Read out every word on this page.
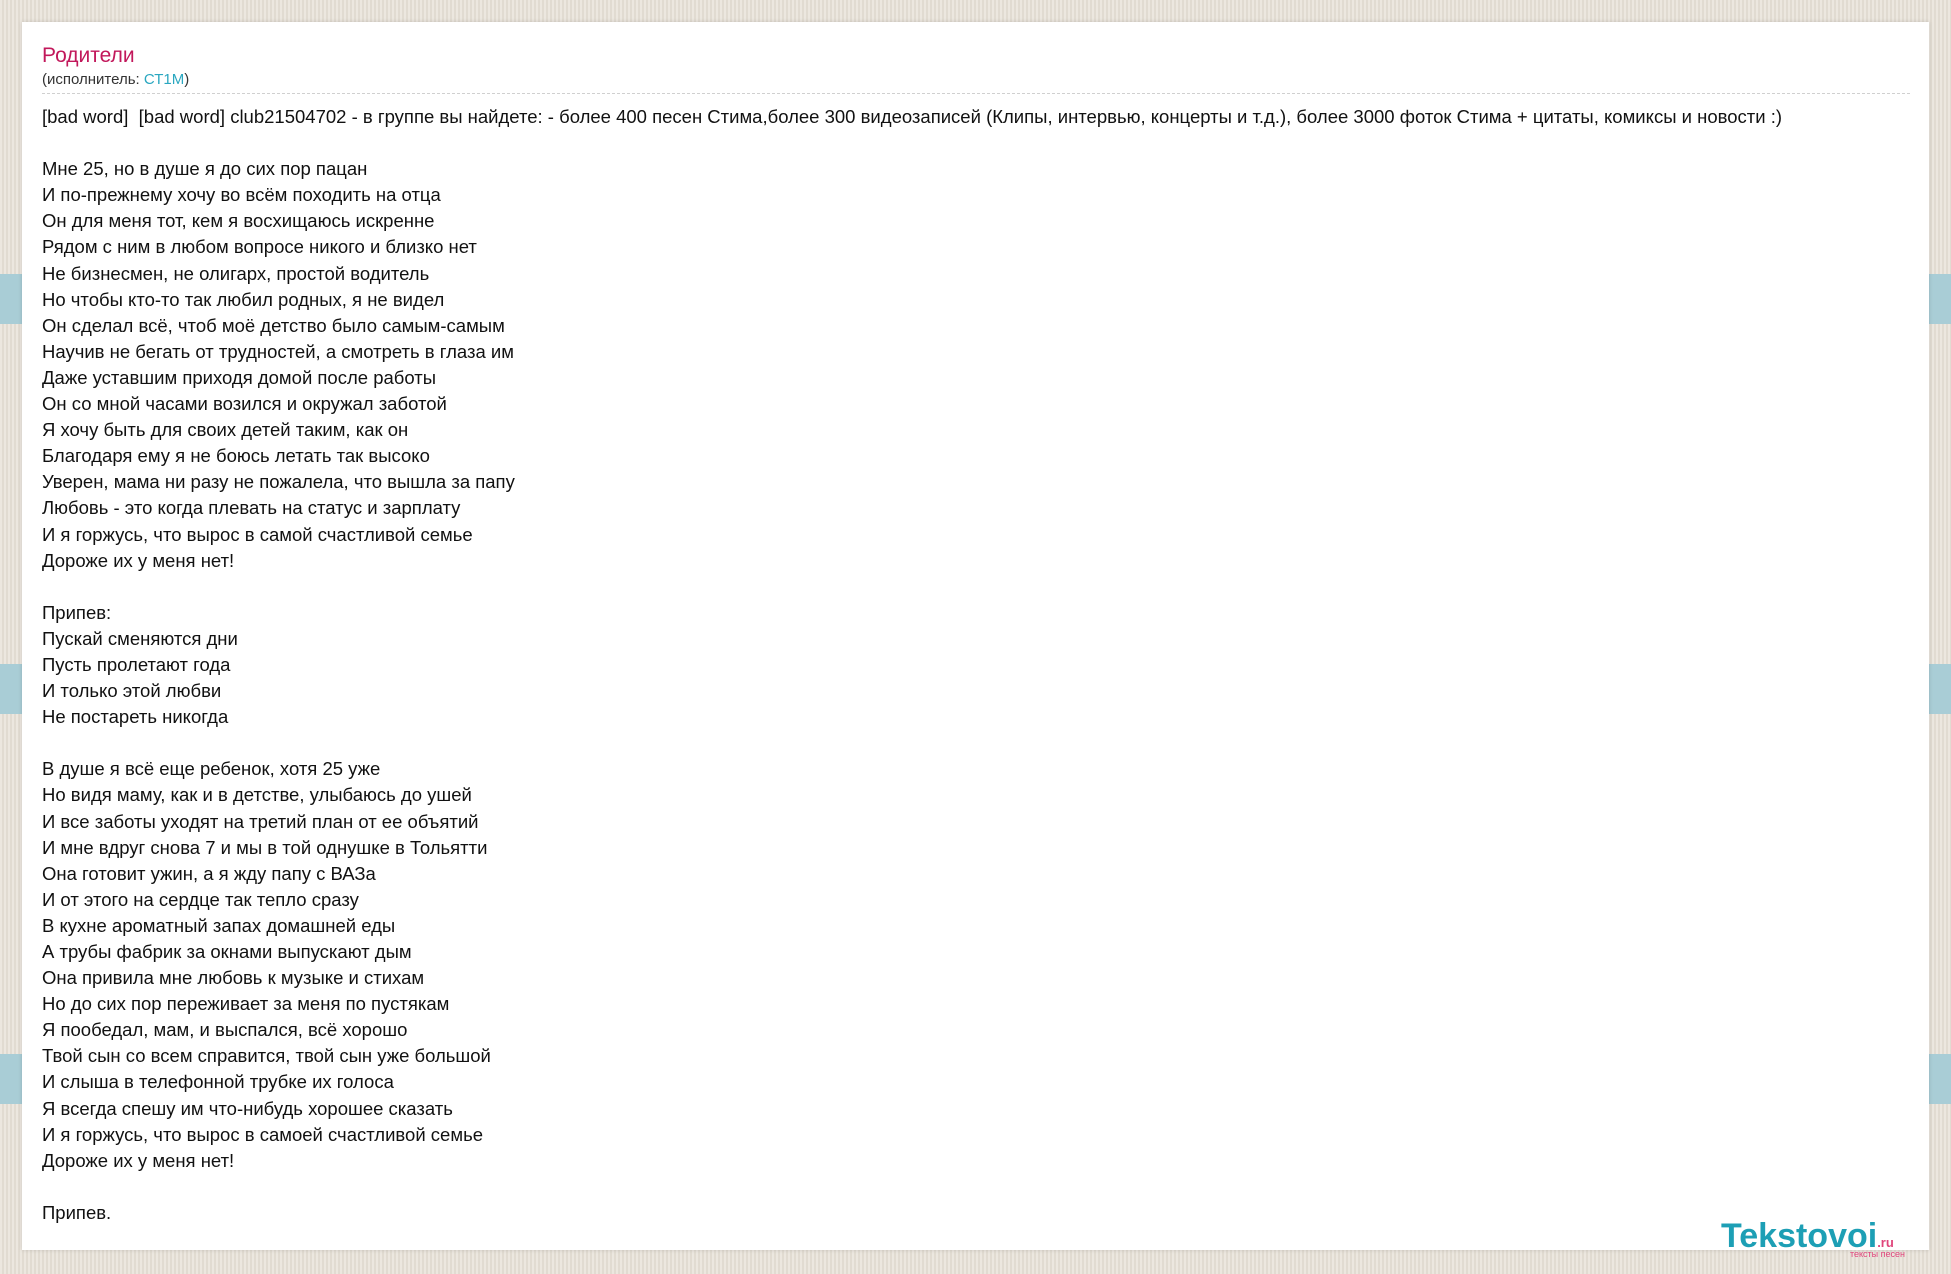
Родители
(исполнитель: СТ1М)
[bad word]  [bad word] club21504702 - в группе вы найдете: - более 400 песен Стима,более 300 видеозаписей (Клипы, интервью, концерты и т.д.), более 3000 фоток Стима + цитаты, комиксы и новости :)

Мне 25, но в душе я до сих пор пацан
И по-прежнему хочу во всём походить на отца
Он для меня тот, кем я восхищаюсь искренне
Рядом с ним в любом вопросе никого и близко нет
Не бизнесмен, не олигарх, простой водитель
Но чтобы кто-то так любил родных, я не видел
Он сделал всё, чтоб моё детство было самым-самым
Научив не бегать от трудностей, а смотреть в глаза им
Даже уставшим приходя домой после работы
Он со мной часами возился и окружал заботой
Я хочу быть для своих детей таким, как он
Благодаря ему я не боюсь летать так высоко
Уверен, мама ни разу не пожалела, что вышла за папу
Любовь - это когда плевать на статус и зарплату
И я горжусь, что вырос в самой счастливой семье
Дороже их у меня нет!

Припев:
Пускай сменяются дни
Пусть пролетают года
И только этой любви
Не постареть никогда

В душе я всё еще ребенок, хотя 25 уже
Но видя маму, как и в детстве, улыбаюсь до ушей
И все заботы уходят на третий план от ее объятий
И мне вдруг снова 7 и мы в той однушке в Тольятти
Она готовит ужин, а я жду папу с ВАЗа
И от этого на сердце так тепло сразу
В кухне ароматный запах домашней еды
А трубы фабрик за окнами выпускают дым
Она привила мне любовь к музыке и стихам
Но до сих пор переживает за меня по пустякам
Я пообедал, мам, и выспался, всё хорошо
Твой сын со всем справится, твой сын уже большой
И слыша в телефонной трубке их голоса
Я всегда спешу им что-нибудь хорошее сказать
И я горжусь, что вырос в самоей счастливой семье
Дороже их у меня нет!

Припев.
Tekstovoi.ru
тексты песен
